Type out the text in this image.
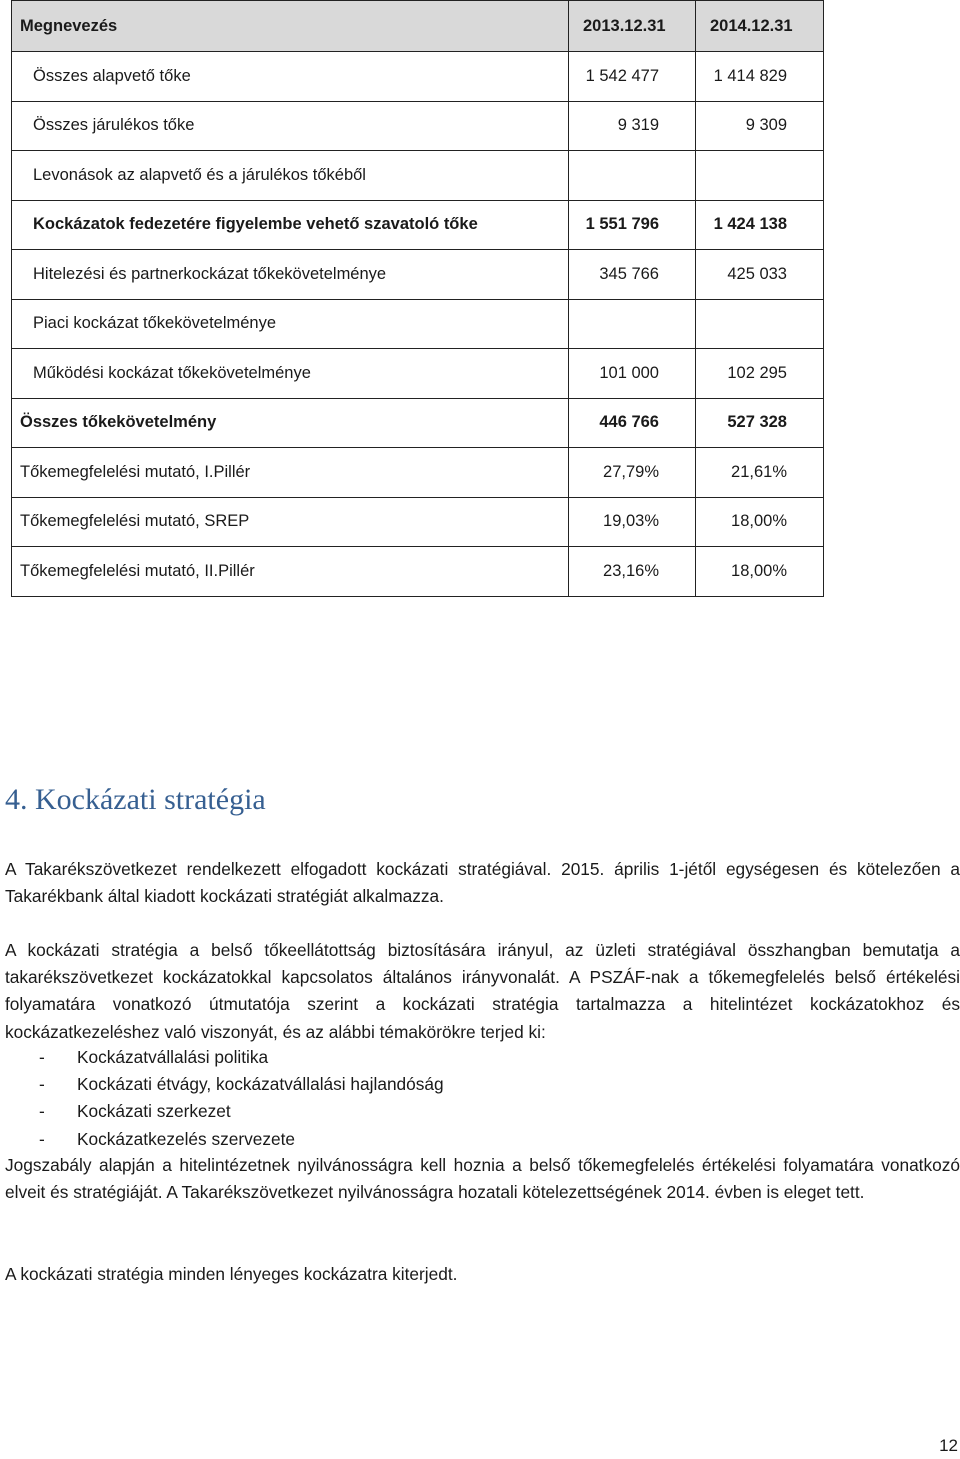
Megnevezés	2013.12.31	2014.12.31
Összes alapvető tőke	1 542 477	1 414 829
Összes járulékos tőke	9 319	9 309
Levonások az alapvető és a járulékos tőkéből		
Kockázatok fedezetére figyelembe vehető szavatoló tőke	1 551 796	1 424 138
Hitelezési és partnerkockázat tőkekövetelménye	345 766	425 033
Piaci kockázat tőkekövetelménye		
Működési kockázat tőkekövetelménye	101 000	102 295
Összes tőkekövetelmény	446 766	527 328
Tőkemegfelelési mutató, I.Pillér	27,79%	21,61%
Tőkemegfelelési mutató, SREP	19,03%	18,00%
Tőkemegfelelési mutató, II.Pillér	23,16%	18,00%
4. Kockázati stratégia

A Takarékszövetkezet rendelkezett elfogadott kockázati stratégiával. 2015. április 1-jétől egységesen és kötelezően a Takarékbank által kiadott kockázati stratégiát alkalmazza.

A kockázati stratégia a belső tőkeellátottság biztosítására irányul, az üzleti stratégiával összhangban bemutatja a takarékszövetkezet kockázatokkal kapcsolatos általános irányvonalát. A PSZÁF-nak a tőkemegfelelés belső értékelési folyamatára vonatkozó útmutatója szerint a kockázati stratégia tartalmazza a hitelintézet kockázatokhoz és kockázatkezeléshez való viszonyát, és az alábbi témakörökre terjed ki:

- Kockázatvállalási politika
- Kockázati étvágy, kockázatvállalási hajlandóság
- Kockázati szerkezet
- Kockázatkezelés szervezete

Jogszabály alapján a hitelintézetnek nyilvánosságra kell hoznia a belső tőkemegfelelés értékelési folyamatára vonatkozó elveit és stratégiáját. A Takarékszövetkezet nyilvánosságra hozatali kötelezettségének 2014. évben is eleget tett.

A kockázati stratégia minden lényeges kockázatra kiterjedt.

12
